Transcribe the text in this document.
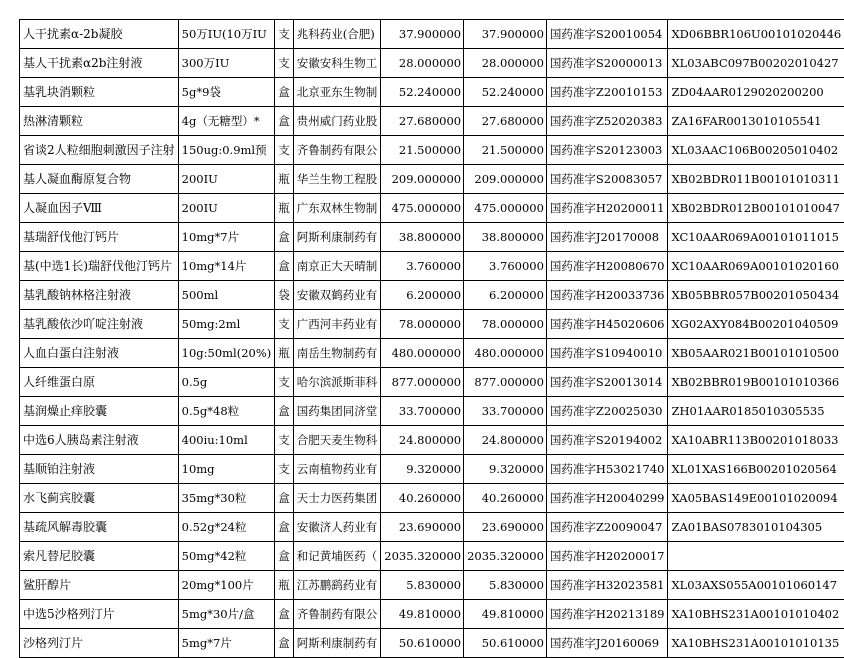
人干扰素α-2b凝胶	50万IU(10万IU	支	兆科药业(合肥)	37.900000	37.900000	国药准字S20010054	XD06BBR106U00101020446
基人干扰素α2b注射液	300万IU	支	安徽安科生物工	28.000000	28.000000	国药准字S20000013	XL03ABC097B00202010427
基乳块消颗粒	5g*9袋	盒	北京亚东生物制	52.240000	52.240000	国药准字Z20010153	ZD04AAR0129020200200
热淋清颗粒	4g（无糖型）*	盒	贵州威门药业股	27.680000	27.680000	国药准字Z52020383	ZA16FAR0013010105541
省谈2人粒细胞刺激因子注射	150ug:0.9ml预	支	齐鲁制药有限公	21.500000	21.500000	国药准字S20123003	XL03AAC106B00205010402
基人凝血酶原复合物	200IU	瓶	华兰生物工程股	209.000000	209.000000	国药准字S20083057	XB02BDR011B00101010311
人凝血因子Ⅷ	200IU	瓶	广东双林生物制	475.000000	475.000000	国药准字H20200011	XB02BDR012B00101010047
基瑞舒伐他汀钙片	10mg*7片	盒	阿斯利康制药有	38.800000	38.800000	国药准字J20170008	XC10AAR069A00101011015
基(中选1长)瑞舒伐他汀钙片	10mg*14片	盒	南京正大天晴制	3.760000	3.760000	国药准字H20080670	XC10AAR069A00101020160
基乳酸钠林格注射液	500ml	袋	安徽双鹤药业有	6.200000	6.200000	国药准字H20033736	XB05BBR057B00201050434
基乳酸依沙吖啶注射液	50mg:2ml	支	广西河丰药业有	78.000000	78.000000	国药准字H45020606	XG02AXY084B00201040509
人血白蛋白注射液	10g:50ml(20%)	瓶	南岳生物制药有	480.000000	480.000000	国药准字S10940010	XB05AAR021B00101010500
人纤维蛋白原	0.5g	支	哈尔滨派斯菲科	877.000000	877.000000	国药准字S20013014	XB02BBR019B00101010366
基润燥止痒胶囊	0.5g*48粒	盒	国药集团同济堂	33.700000	33.700000	国药准字Z20025030	ZH01AAR0185010305535
中选6人胰岛素注射液	400iu:10ml	支	合肥天麦生物科	24.800000	24.800000	国药准字S20194002	XA10ABR113B00201018033
基顺铂注射液	10mg	支	云南植物药业有	9.320000	9.320000	国药准字H53021740	XL01XAS166B00201020564
水飞蓟宾胶囊	35mg*30粒	盒	天士力医药集团	40.260000	40.260000	国药准字H20040299	XA05BAS149E00101020094
基疏风解毒胶囊	0.52g*24粒	盒	安徽济人药业有	23.690000	23.690000	国药准字Z20090047	ZA01BAS0783010104305
索凡替尼胶囊	50mg*42粒	盒	和记黄埔医药（	2035.320000	2035.320000	国药准字H20200017	
鲨肝醇片	20mg*100片	瓶	江苏鹏鹞药业有	5.830000	5.830000	国药准字H32023581	XL03AXS055A00101060147
中选5沙格列汀片	5mg*30片/盒	盒	齐鲁制药有限公	49.810000	49.810000	国药准字H20213189	XA10BHS231A00101010402
沙格列汀片	5mg*7片	盒	阿斯利康制药有	50.610000	50.610000	国药准字J20160069	XA10BHS231A00101010135
